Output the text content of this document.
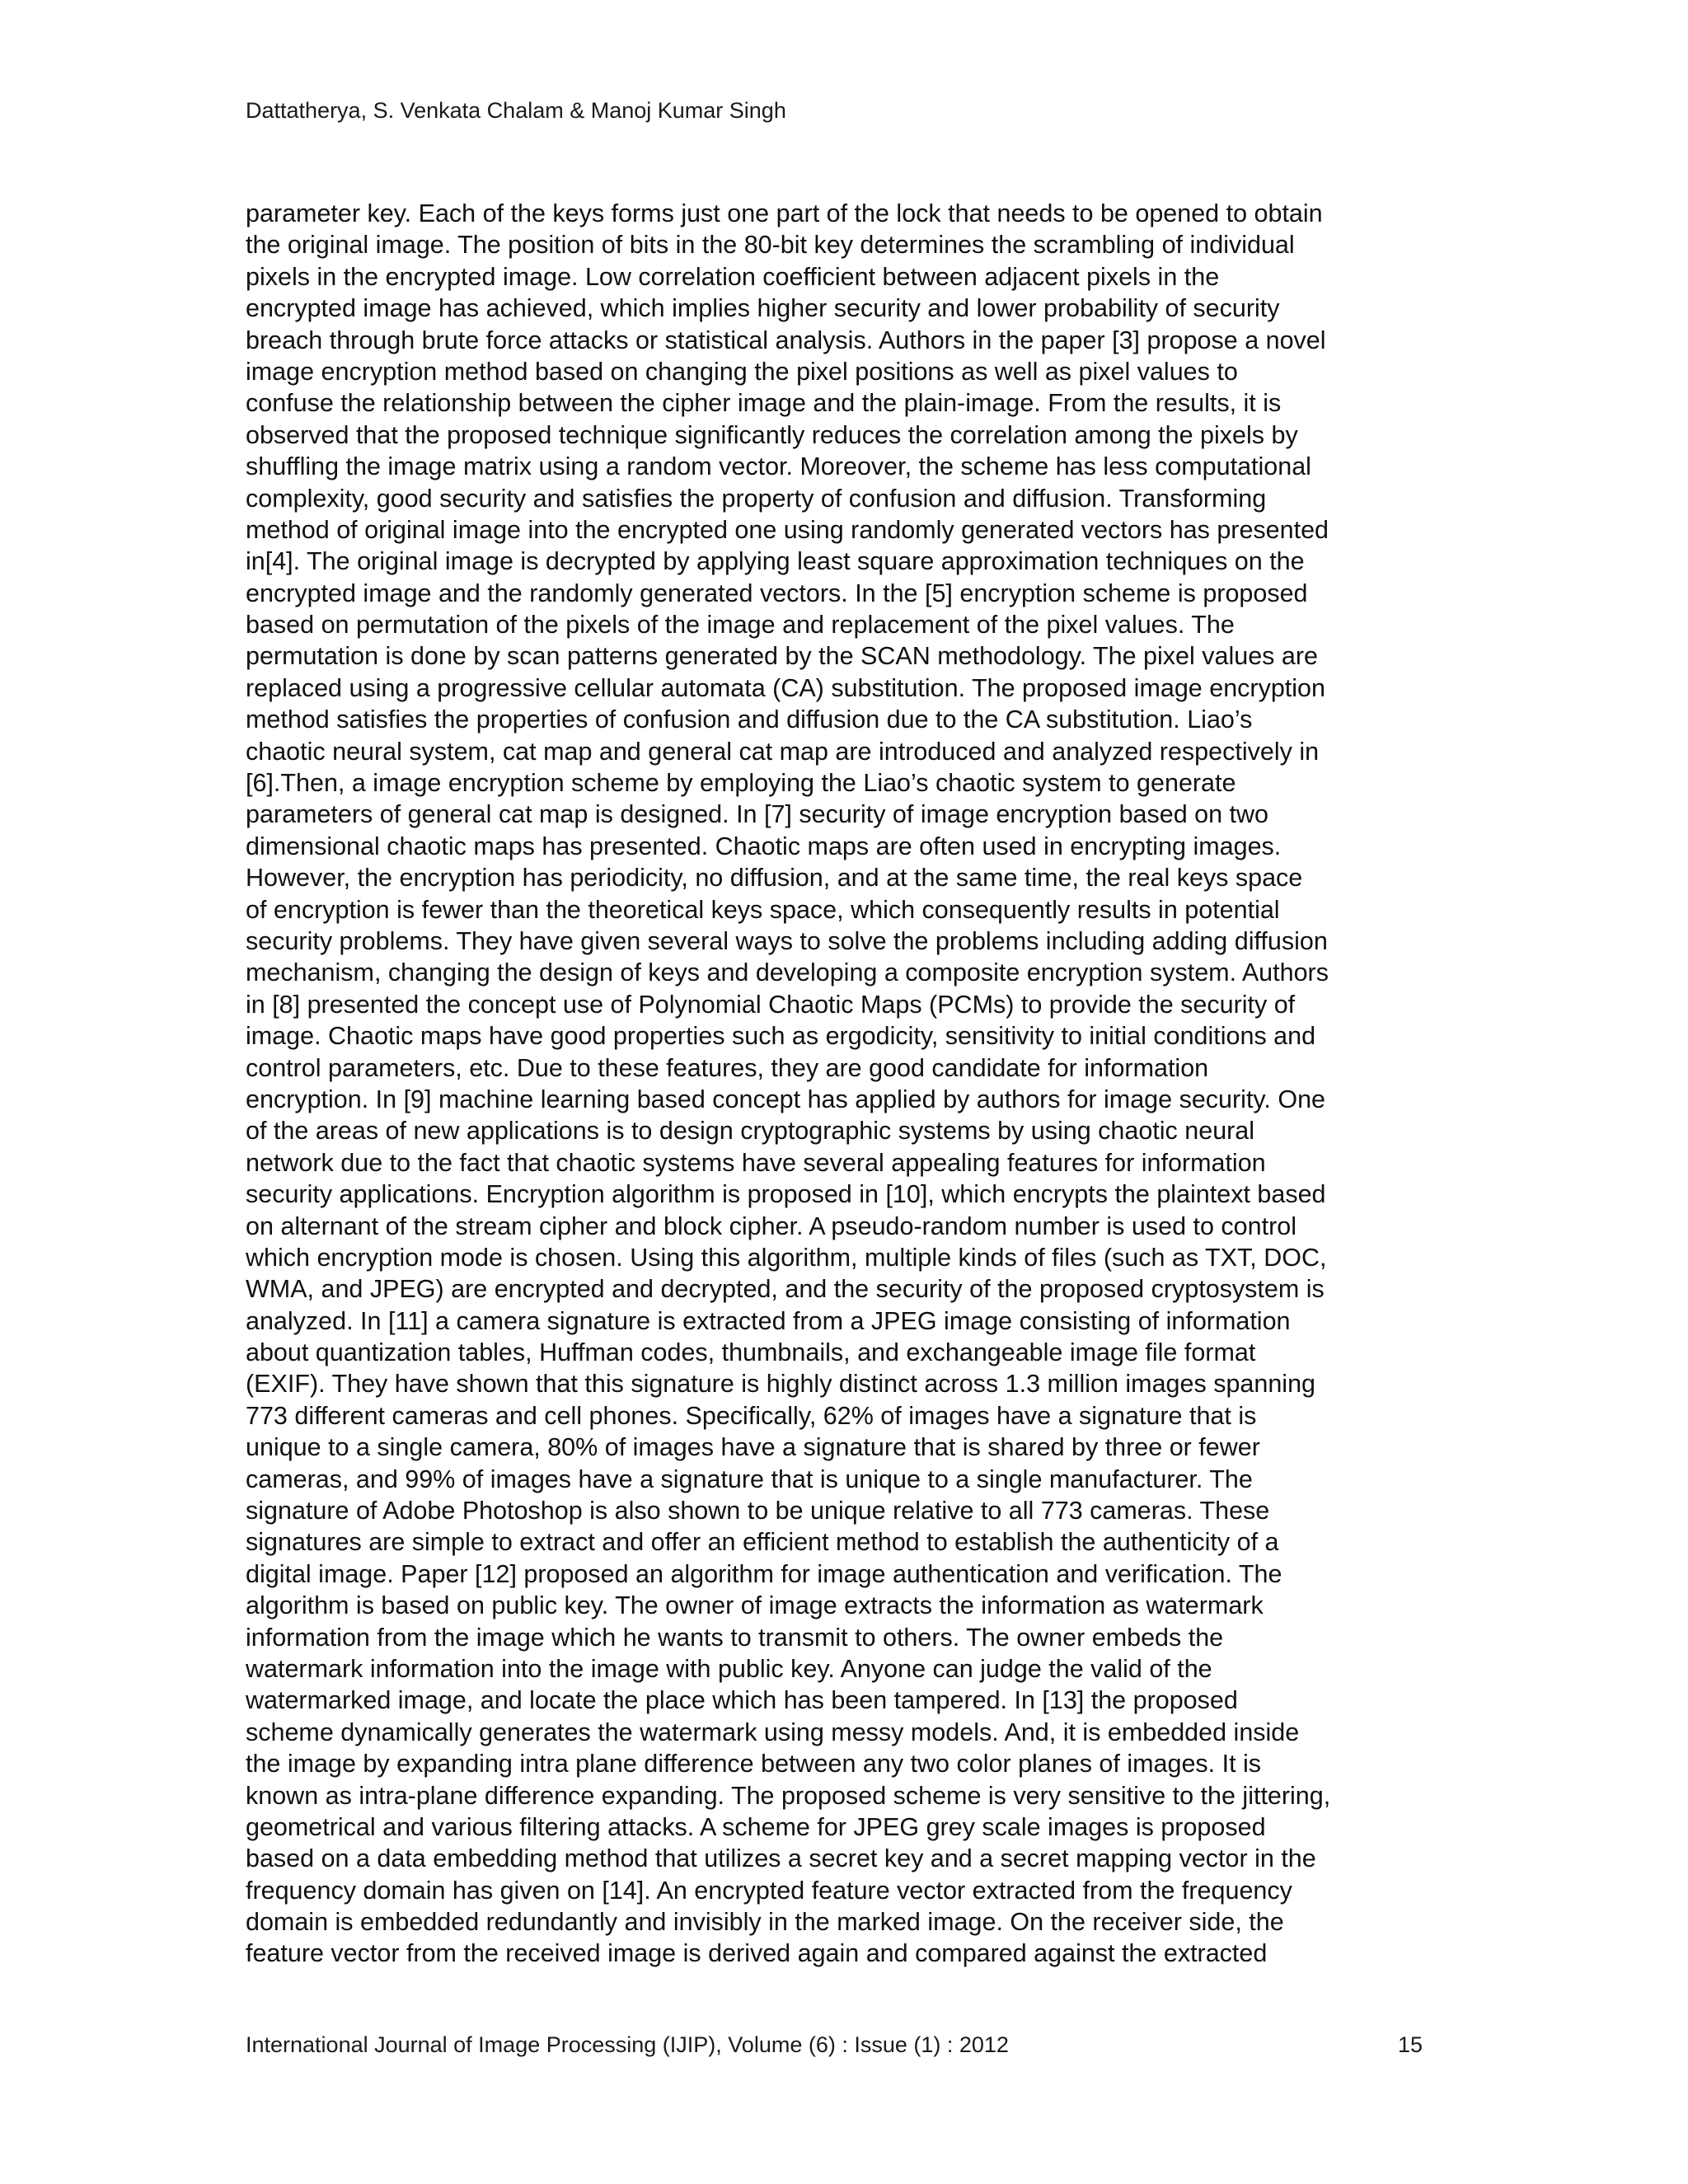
Dattatherya, S. Venkata Chalam & Manoj Kumar Singh
parameter key. Each of the keys forms just one part of the lock that needs to be opened to obtain
the original image. The position of bits in the 80-bit key determines the scrambling of individual
pixels in the encrypted image. Low correlation coefficient between adjacent pixels in the
encrypted image has achieved, which implies higher security and lower probability of security
breach through brute force attacks or statistical analysis. Authors in the paper [3] propose a novel
image encryption method based on changing the pixel positions as well as pixel values to
confuse the relationship between the cipher image and the plain-image. From the results, it is
observed that the proposed technique significantly reduces the correlation among the pixels by
shuffling the image matrix using a random vector. Moreover, the scheme has less computational
complexity, good security and satisfies the property of confusion and diffusion. Transforming
method of original image into the encrypted one using randomly generated vectors has presented
in[4]. The original image is decrypted by applying least square approximation techniques on the
encrypted image and the randomly generated vectors. In the [5] encryption scheme is proposed
based on permutation of the pixels of the image and replacement of the pixel values. The
permutation is done by scan patterns generated by the SCAN methodology. The pixel values are
replaced using a progressive cellular automata (CA) substitution. The proposed image encryption
method satisfies the properties of confusion and diffusion due to the CA substitution. Liao’s
chaotic neural system, cat map and general cat map are introduced and analyzed respectively in
[6].Then, a image encryption scheme by employing the Liao’s chaotic system to generate
parameters of general cat map is designed. In [7] security of image encryption based on two
dimensional chaotic maps has presented. Chaotic maps are often used in encrypting images.
However, the encryption has periodicity, no diffusion, and at the same time, the real keys space
of encryption is fewer than the theoretical keys space, which consequently results in potential
security problems. They have given several ways to solve the problems including adding diffusion
mechanism, changing the design of keys and developing a composite encryption system. Authors
in [8] presented the concept use of Polynomial Chaotic Maps (PCMs) to provide the security of
image. Chaotic maps have good properties such as ergodicity, sensitivity to initial conditions and
control parameters, etc. Due to these features, they are good candidate for information
encryption. In [9] machine learning based concept has applied by authors for image security. One
of the areas of new applications is to design cryptographic systems by using chaotic neural
network due to the fact that chaotic systems have several appealing features for information
security applications. Encryption algorithm is proposed in [10], which encrypts the plaintext based
on alternant of the stream cipher and block cipher. A pseudo-random number is used to control
which encryption mode is chosen. Using this algorithm, multiple kinds of files (such as TXT, DOC,
WMA, and JPEG) are encrypted and decrypted, and the security of the proposed cryptosystem is
analyzed. In [11] a camera signature is extracted from a JPEG image consisting of information
about quantization tables, Huffman codes, thumbnails, and exchangeable image file format
(EXIF). They have shown that this signature is highly distinct across 1.3 million images spanning
773 different cameras and cell phones. Specifically, 62% of images have a signature that is
unique to a single camera, 80% of images have a signature that is shared by three or fewer
cameras, and 99% of images have a signature that is unique to a single manufacturer. The
signature of Adobe Photoshop is also shown to be unique relative to all 773 cameras. These
signatures are simple to extract and offer an efficient method to establish the authenticity of a
digital image. Paper [12] proposed an algorithm for image authentication and verification. The
algorithm is based on public key. The owner of image extracts the information as watermark
information from the image which he wants to transmit to others. The owner embeds the
watermark information into the image with public key. Anyone can judge the valid of the
watermarked image, and locate the place which has been tampered. In [13] the proposed
scheme dynamically generates the watermark using messy models. And, it is embedded inside
the image by expanding intra plane difference between any two color planes of images. It is
known as intra-plane difference expanding. The proposed scheme is very sensitive to the jittering,
geometrical and various filtering attacks. A scheme for JPEG grey scale images is proposed
based on a data embedding method that utilizes a secret key and a secret mapping vector in the
frequency domain has given on [14]. An encrypted feature vector extracted from the frequency
domain is embedded redundantly and invisibly in the marked image. On the receiver side, the
feature vector from the received image is derived again and compared against the extracted
International Journal of Image Processing (IJIP), Volume (6) : Issue (1) : 2012	15
